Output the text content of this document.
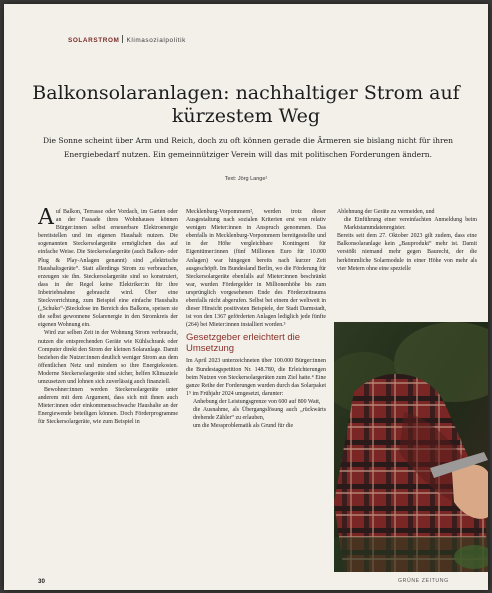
SOLARSTROM Klimasozialpolitik
Balkonsolaranlagen: nachhaltiger Strom auf kürzestem Weg

Die Sonne scheint über Arm und Reich, doch zu oft können gerade die Ärmeren sie bislang nicht für ihren Energiebedarf nutzen. Ein gemeinnütziger Verein will das mit politischen Forderungen ändern.

Text: Jörg Lange¹

Auf Balkon, Terrasse oder Vordach, im Garten oder an der Fassade ihres Wohnhauses können Bürger:innen selbst erneuerbare Elektroenergie bereitstellen und im eigenen Haushalt nutzen. Die sogenannten Steckersolargeräte ermöglichen das auf einfache Weise. Die Steckersolargeräte (auch Balkon- oder Plug & Play-Anlagen genannt) sind „elektrische Haushaltsgeräte“. Statt allerdings Strom zu verbrauchen, erzeugen sie ihn. Steckersolargeräte sind so konstruiert, dass in der Regel keine Elektriker:in für ihre Inbetriebnahme gebraucht wird. Über eine Steckvorrichtung, zum Beispiel eine einfache Haushalts („Schuko“-)Steckdose im Bereich des Balkons, speisen sie die selbst gewonnene Solarenergie in den Stromkreis der eigenen Wohnung ein.

Wird zur selben Zeit in der Wohnung Strom verbraucht, nutzen die entsprechenden Geräte wie Kühlschrank oder Computer direkt den Strom der kleinen Solaranlage. Damit beziehen die Nutzer:innen deutlich weniger Strom aus dem öffentlichen Netz und mindern so ihre Energiekosten. Moderne Steckersolargeräte sind sicher, helfen Klimaziele umzusetzen und lohnen sich zuverlässig auch finanziell.

Bewohner:innen werden Steckersolargeräte unter anderem mit dem Argument, dass sich mit ihnen auch Mieter:innen oder einkommensschwache Haushalte an der Energiewende beteiligen können. Doch Förderprogramme für Steckersolargeräte, wie zum Beispiel in

Mecklenburg-Vorpommern², werden trotz dieser Ausgestaltung nach sozialen Kriterien erst von relativ wenigen Mieter:innen in Anspruch genommen. Das ebenfalls in Mecklenburg-Vorpommern bereitgestellte und in der Höhe vergleichbare Kontingent für Eigentümer:innen (fünf Millionen Euro für 10.000 Anlagen) war hingegen bereits nach kurzer Zeit ausgeschöpft. Im Bundesland Berlin, wo die Förderung für Steckersolargeräte ebenfalls auf Mieter:innen beschränkt war, wurden Fördergelder in Millionenhöhe bis zum ursprünglich vorgesehenen Ende des Förderzeitraums ebenfalls nicht abgerufen. Selbst bei einem der weltweit in dieser Hinsicht positivsten Beispiele, der Stadt Darmstadt, ist von den 1367 geförderten Anlagen lediglich jede fünfte (264) bei Mieter:innen installiert worden.³

Gesetzgeber erleichtert die Umsetzung

Im April 2023 unterzeichneten über 100.000 Bürger:innen die Bundestagspetition Nr. 148.780, die Erleichterungen beim Nutzen von Steckersolargeräten zum Ziel hatte.⁴ Eine ganze Reihe der Forderungen wurden durch das Solarpaket 1⁵ im Frühjahr 2024 umgesetzt, darunter:

• Anhebung der Leistungsgrenze von 600 auf 800 Watt,
• die Ausnahme, als Übergangslösung auch „rückwärts drehende Zähler“ zu erlauben,
• um die Messproblematik als Grund für die

Ablehnung der Geräte zu vermeiden, und

• die Einführung einer vereinfachten Anmeldung beim Marktstammdatenregister.

Bereits seit dem 27. Oktober 2023 gilt zudem, dass eine Balkonsolaranlage kein „Bauprodukt“ mehr ist. Damit verstößt niemand mehr gegen Baurecht, der die herkömmliche Solarmodule in einer Höhe von mehr als vier Metern ohne eine spezielle

30	GRÜNE ZEITUNG
